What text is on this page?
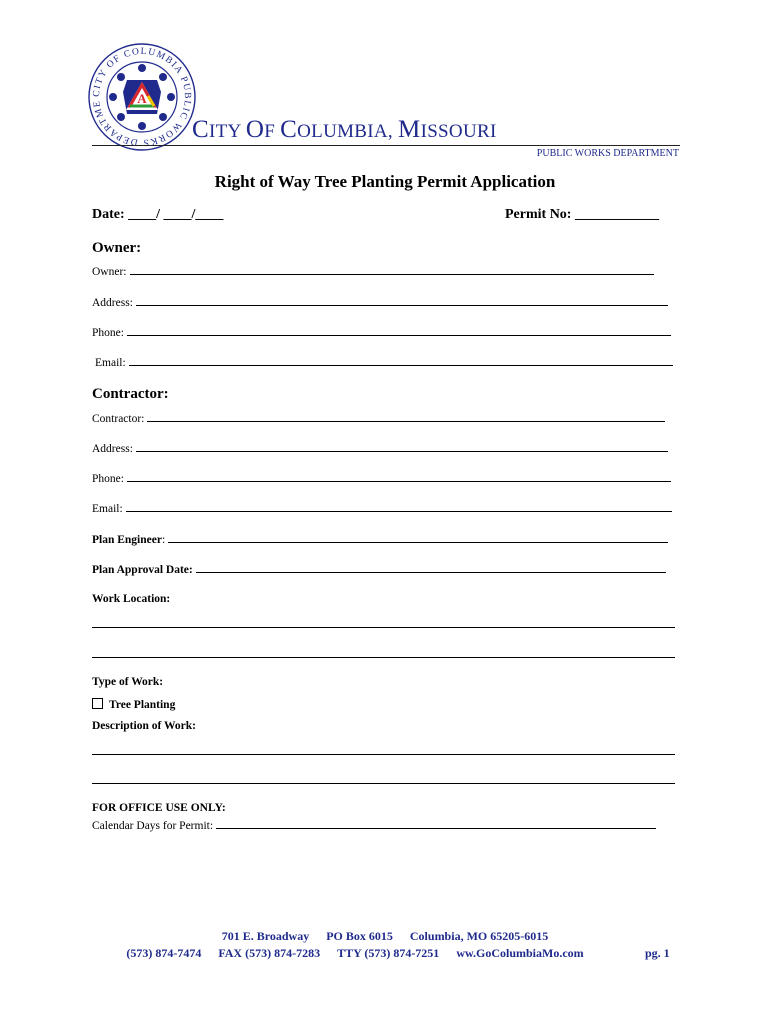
CITY OF COLUMBIA PUBLIC WORKS DEPARTME	A
CITY OF COLUMBIA, MISSOURI
PUBLIC WORKS DEPARTMENT
Right of Way Tree Planting Permit Application
Date: ____/ ____/____	Permit No: ____________
Owner:
Owner:
Address:
Phone:
Email:
Contractor:
Contractor:
Address:
Phone:
Email:
Plan Engineer:
Plan Approval Date:
Work Location:
Type of Work:
Tree Planting
Description of Work:
FOR OFFICE USE ONLY:
Calendar Days for Permit:
701 E. Broadway PO Box 6015 Columbia, MO 65205-6015
(573) 874-7474 FAX (573) 874-7283 TTY (573) 874-7251 ww.GoColumbiaMo.com	pg. 1
